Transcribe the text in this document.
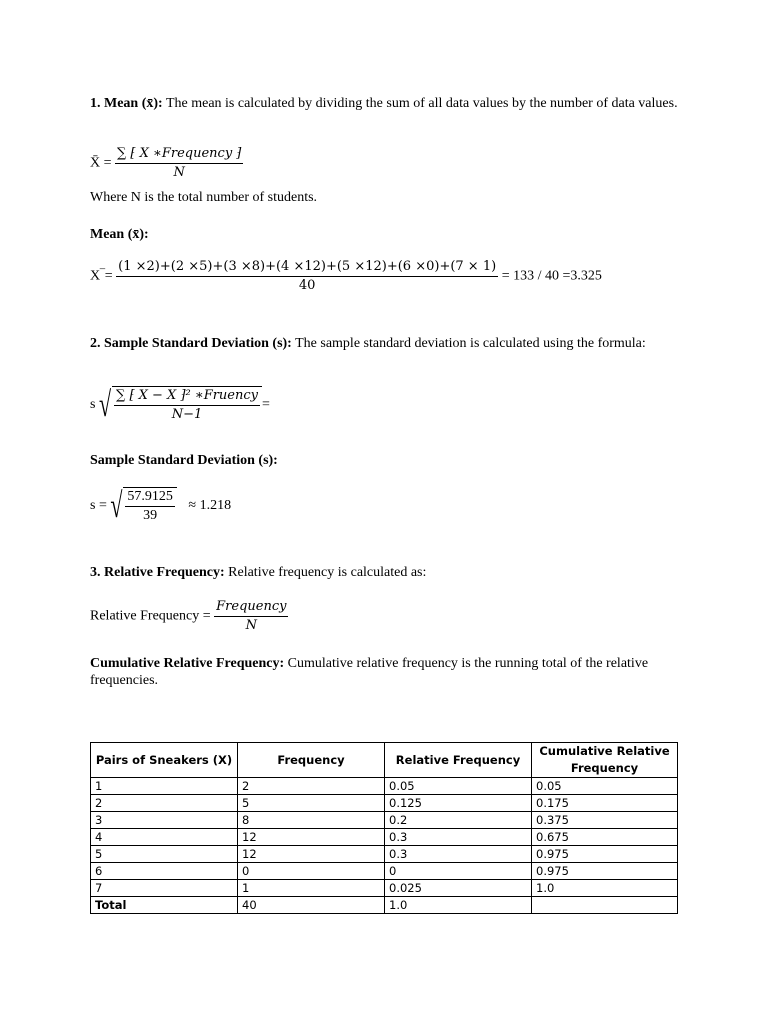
1. Mean (x̄): The mean is calculated by dividing the sum of all data values by the number of data values.
X̄ = $\frac{\text{∑ ⁅ X ∗Frequency ⁆}}{N}$
Where N is the total number of students.
Mean (x̄):
X‾= $\frac{(1 \times 2)+(2 \times 5)+(3 \times 8)+(4 \times 12)+(5 \times 12)+(6 \times 0)+(7 \times 1)}{40} = 133 / 40 =3.325$
2. Sample Standard Deviation (s): The sample standard deviation is calculated using the formula:
s √ $\frac{\text{∑ ⁅ X − X ⁆² ∗Fruency}}{N-1}$ =
Sample Standard Deviation (s):
s = √ $\frac{57.9125}{39} \approx 1.218$
3. Relative Frequency: Relative frequency is calculated as:
Relative Frequency = $\frac{\text{Frequency}}{N}$
Cumulative Relative Frequency: Cumulative relative frequency is the running total of the relative frequencies.
Pairs of Sneakers (X)	Frequency	Relative Frequency	Cumulative Relative Frequency
1	2	0.05	0.05
2	5	0.125	0.175
3	8	0.2	0.375
4	12	0.3	0.675
5	12	0.3	0.975
6	0	0	0.975
7	1	0.025	1.0
Total	40	1.0	
